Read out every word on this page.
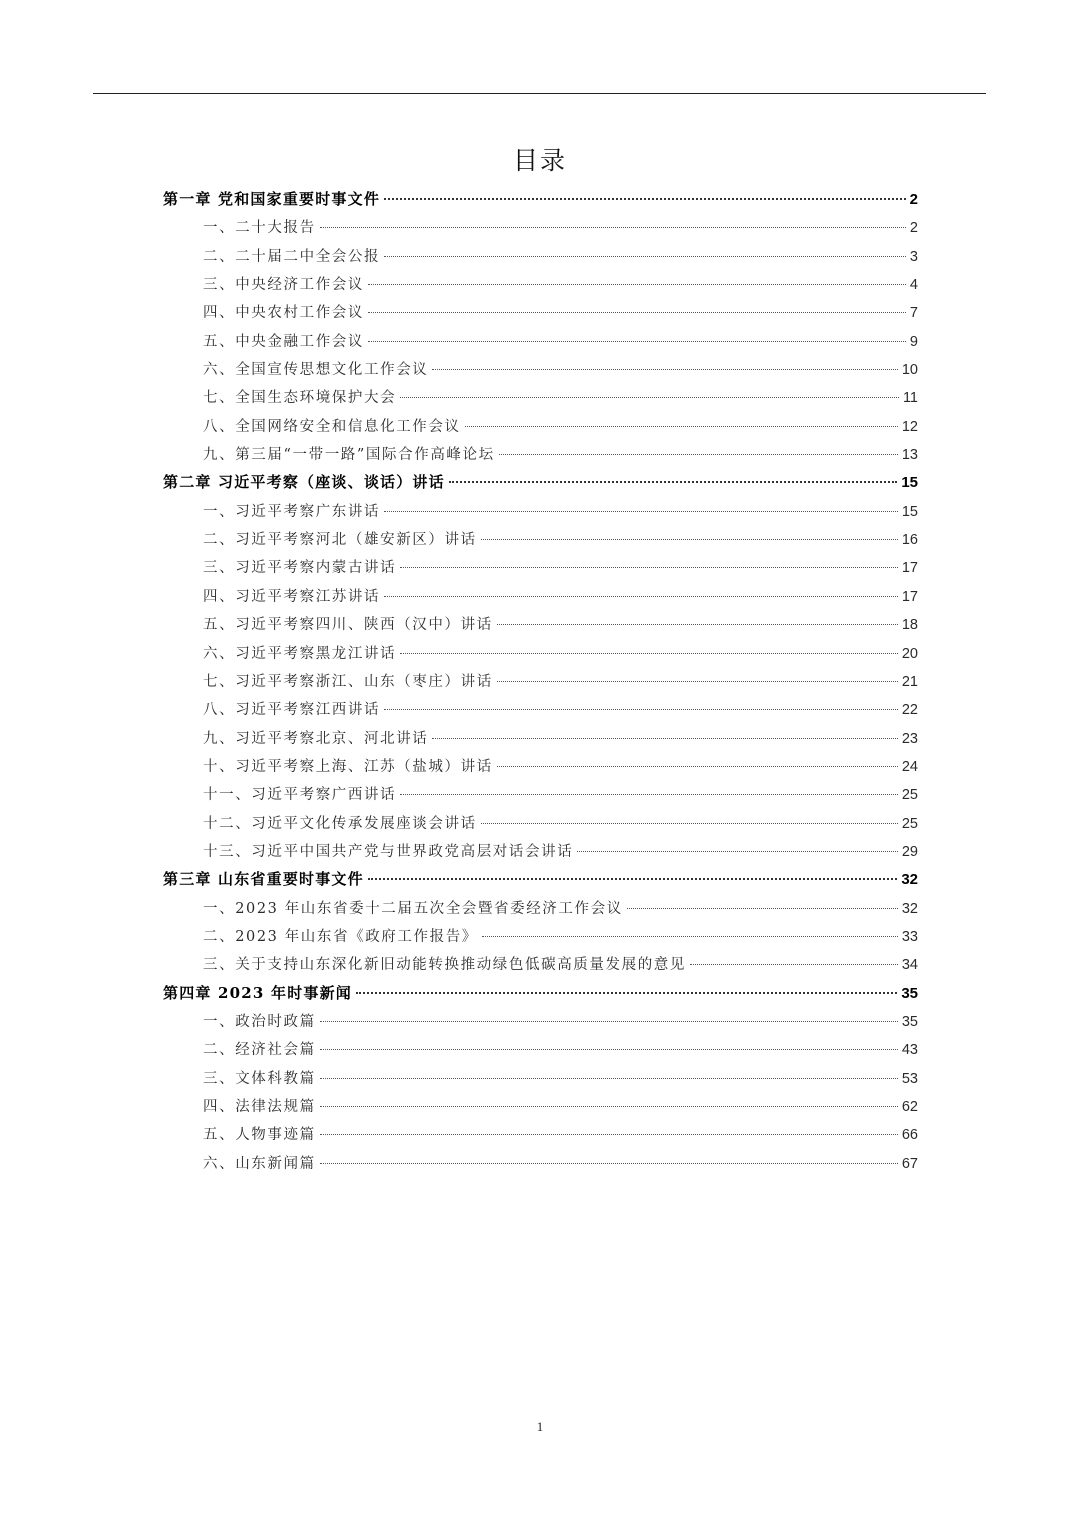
目录
第一章 党和国家重要时事文件	2
一、二十大报告	2
二、二十届二中全会公报	3
三、中央经济工作会议	4
四、中央农村工作会议	7
五、中央金融工作会议	9
六、全国宣传思想文化工作会议	10
七、全国生态环境保护大会	11
八、全国网络安全和信息化工作会议	12
九、第三届“一带一路”国际合作高峰论坛	13
第二章 习近平考察（座谈、谈话）讲话	15
一、习近平考察广东讲话	15
二、习近平考察河北（雄安新区）讲话	16
三、习近平考察内蒙古讲话	17
四、习近平考察江苏讲话	17
五、习近平考察四川、陕西（汉中）讲话	18
六、习近平考察黑龙江讲话	20
七、习近平考察浙江、山东（枣庄）讲话	21
八、习近平考察江西讲话	22
九、习近平考察北京、河北讲话	23
十、习近平考察上海、江苏（盐城）讲话	24
十一、习近平考察广西讲话	25
十二、习近平文化传承发展座谈会讲话	25
十三、习近平中国共产党与世界政党高层对话会讲话	29
第三章 山东省重要时事文件	32
一、2023 年山东省委十二届五次全会暨省委经济工作会议	32
二、2023 年山东省《政府工作报告》	33
三、关于支持山东深化新旧动能转换推动绿色低碳高质量发展的意见	34
第四章 2023 年时事新闻	35
一、政治时政篇	35
二、经济社会篇	43
三、文体科教篇	53
四、法律法规篇	62
五、人物事迹篇	66
六、山东新闻篇	67
1
